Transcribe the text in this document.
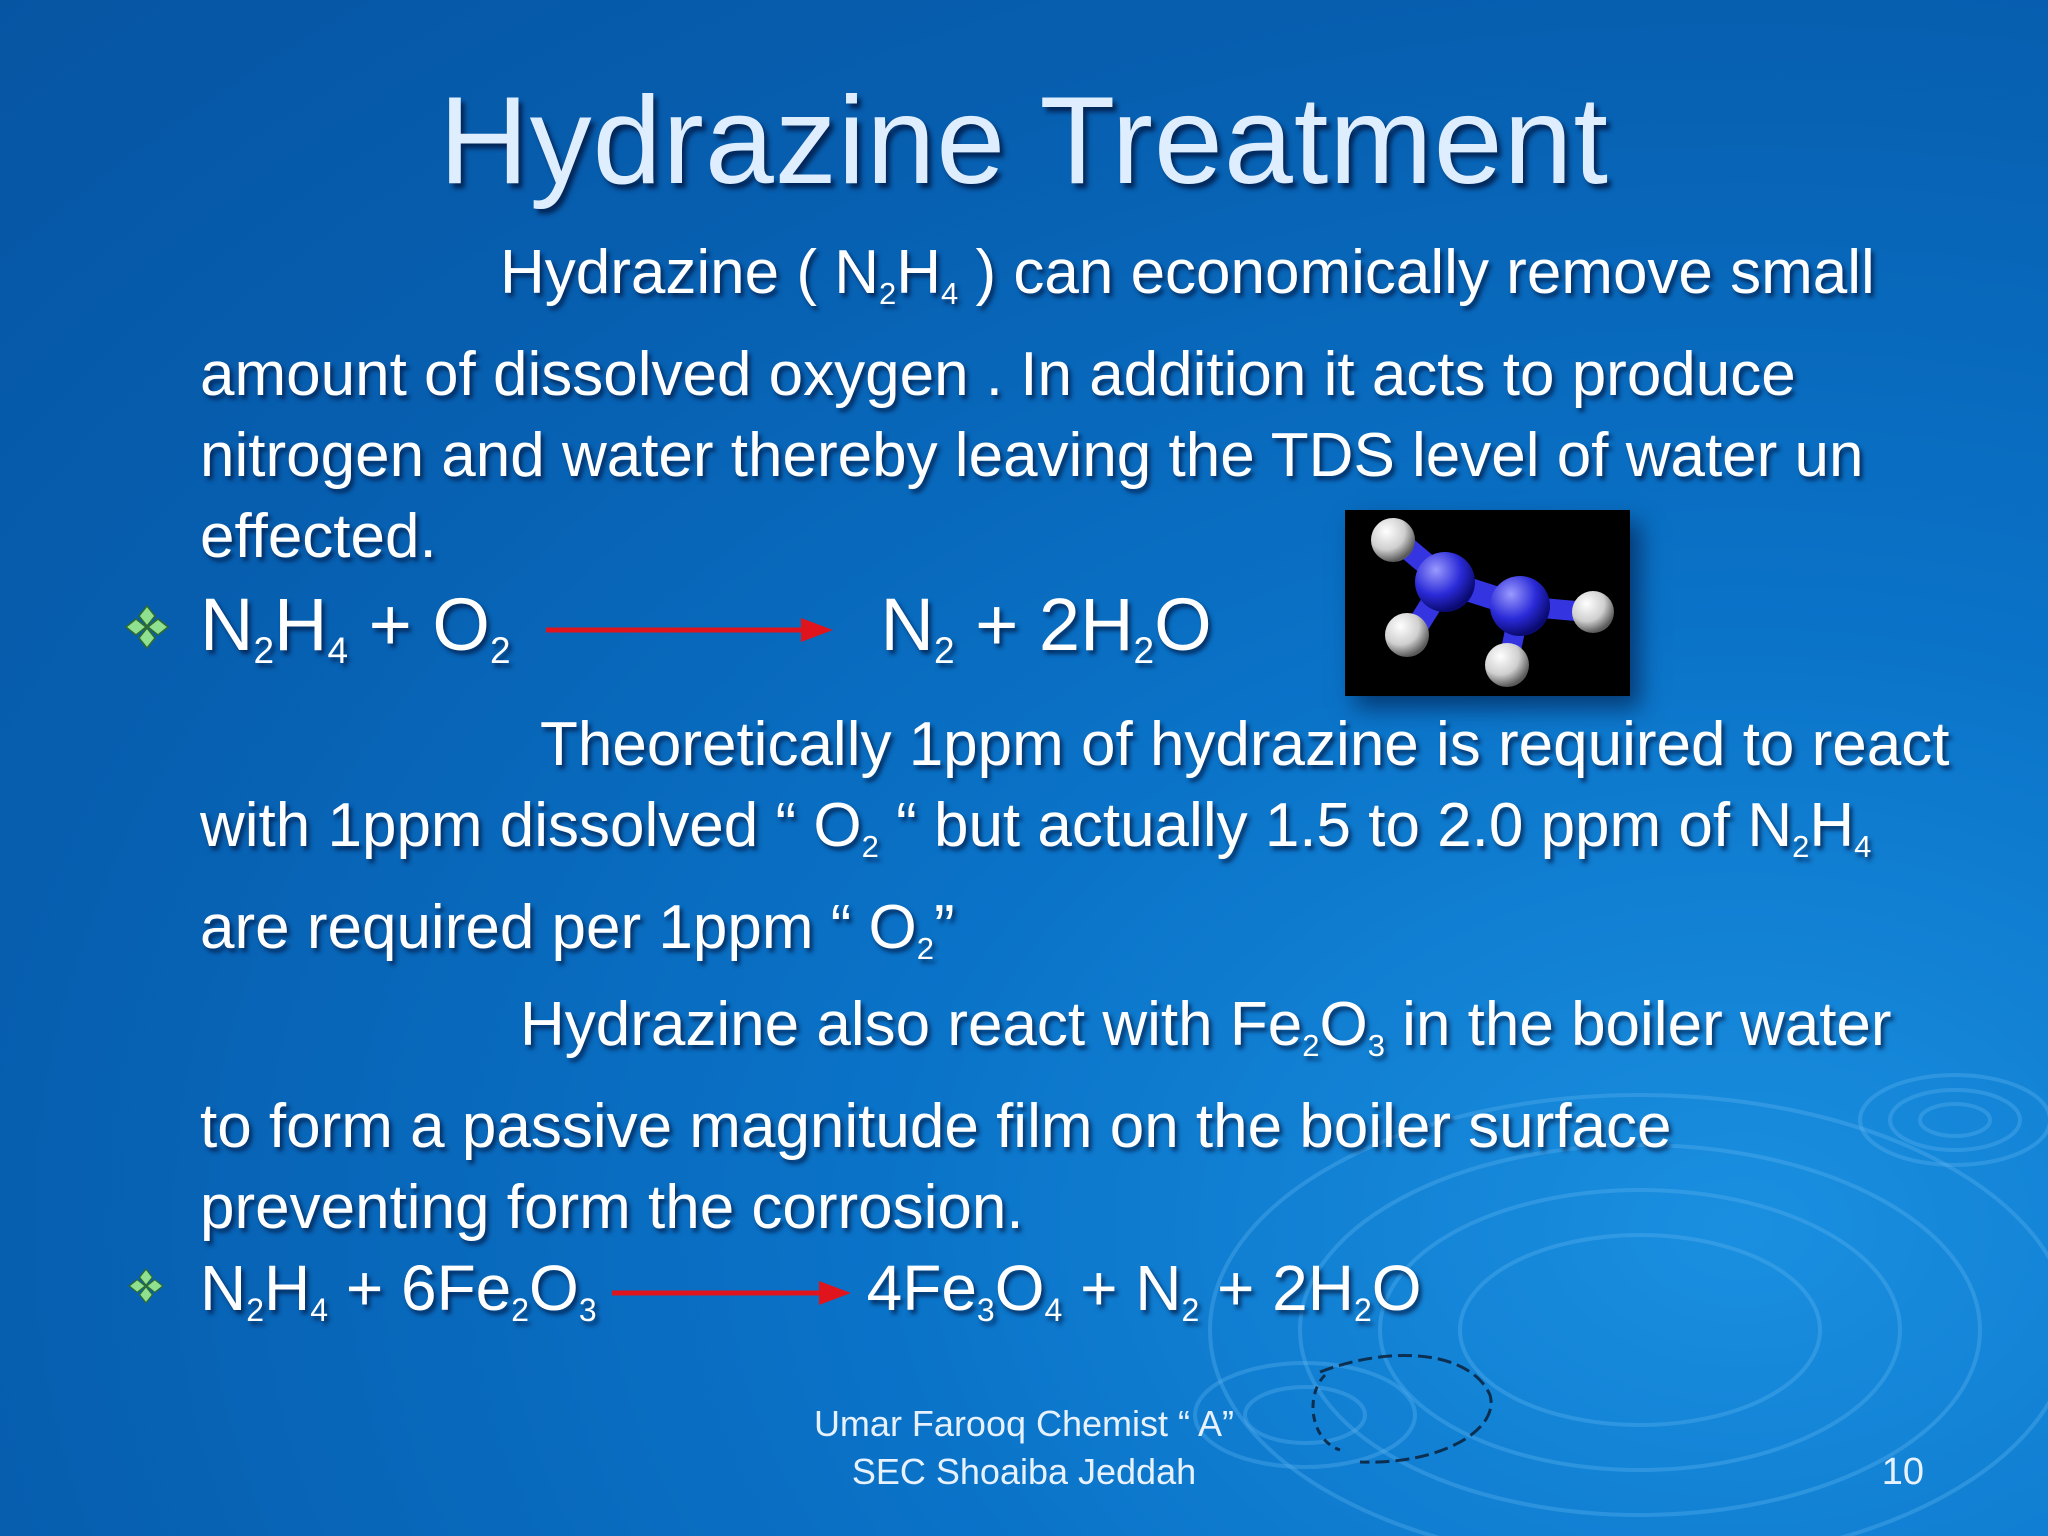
Hydrazine Treatment
Hydrazine ( $N_2H_4$ ) can economically remove small amount of dissolved oxygen . In addition it acts to produce nitrogen and water thereby leaving the TDS level of water un effected.
$N_2H_4 + O_2$	$N_2 + 2H_2O$
Theoretically 1ppm of hydrazine is required to react with 1ppm dissolved “ $O_2$ “ but actually 1.5 to 2.0 ppm of $N_2H_4$ are required per 1ppm “ $O_2$”
Hydrazine also react with $Fe_2O_3$ in the boiler water to form a passive magnitude film on the boiler surface preventing form the corrosion.
$N_2H_4 + 6Fe_2O_3 \to 4Fe_3O_4 + N_2 + 2H_2O$
Umar Farooq Chemist “ A”
SEC Shoaiba Jeddah	10
